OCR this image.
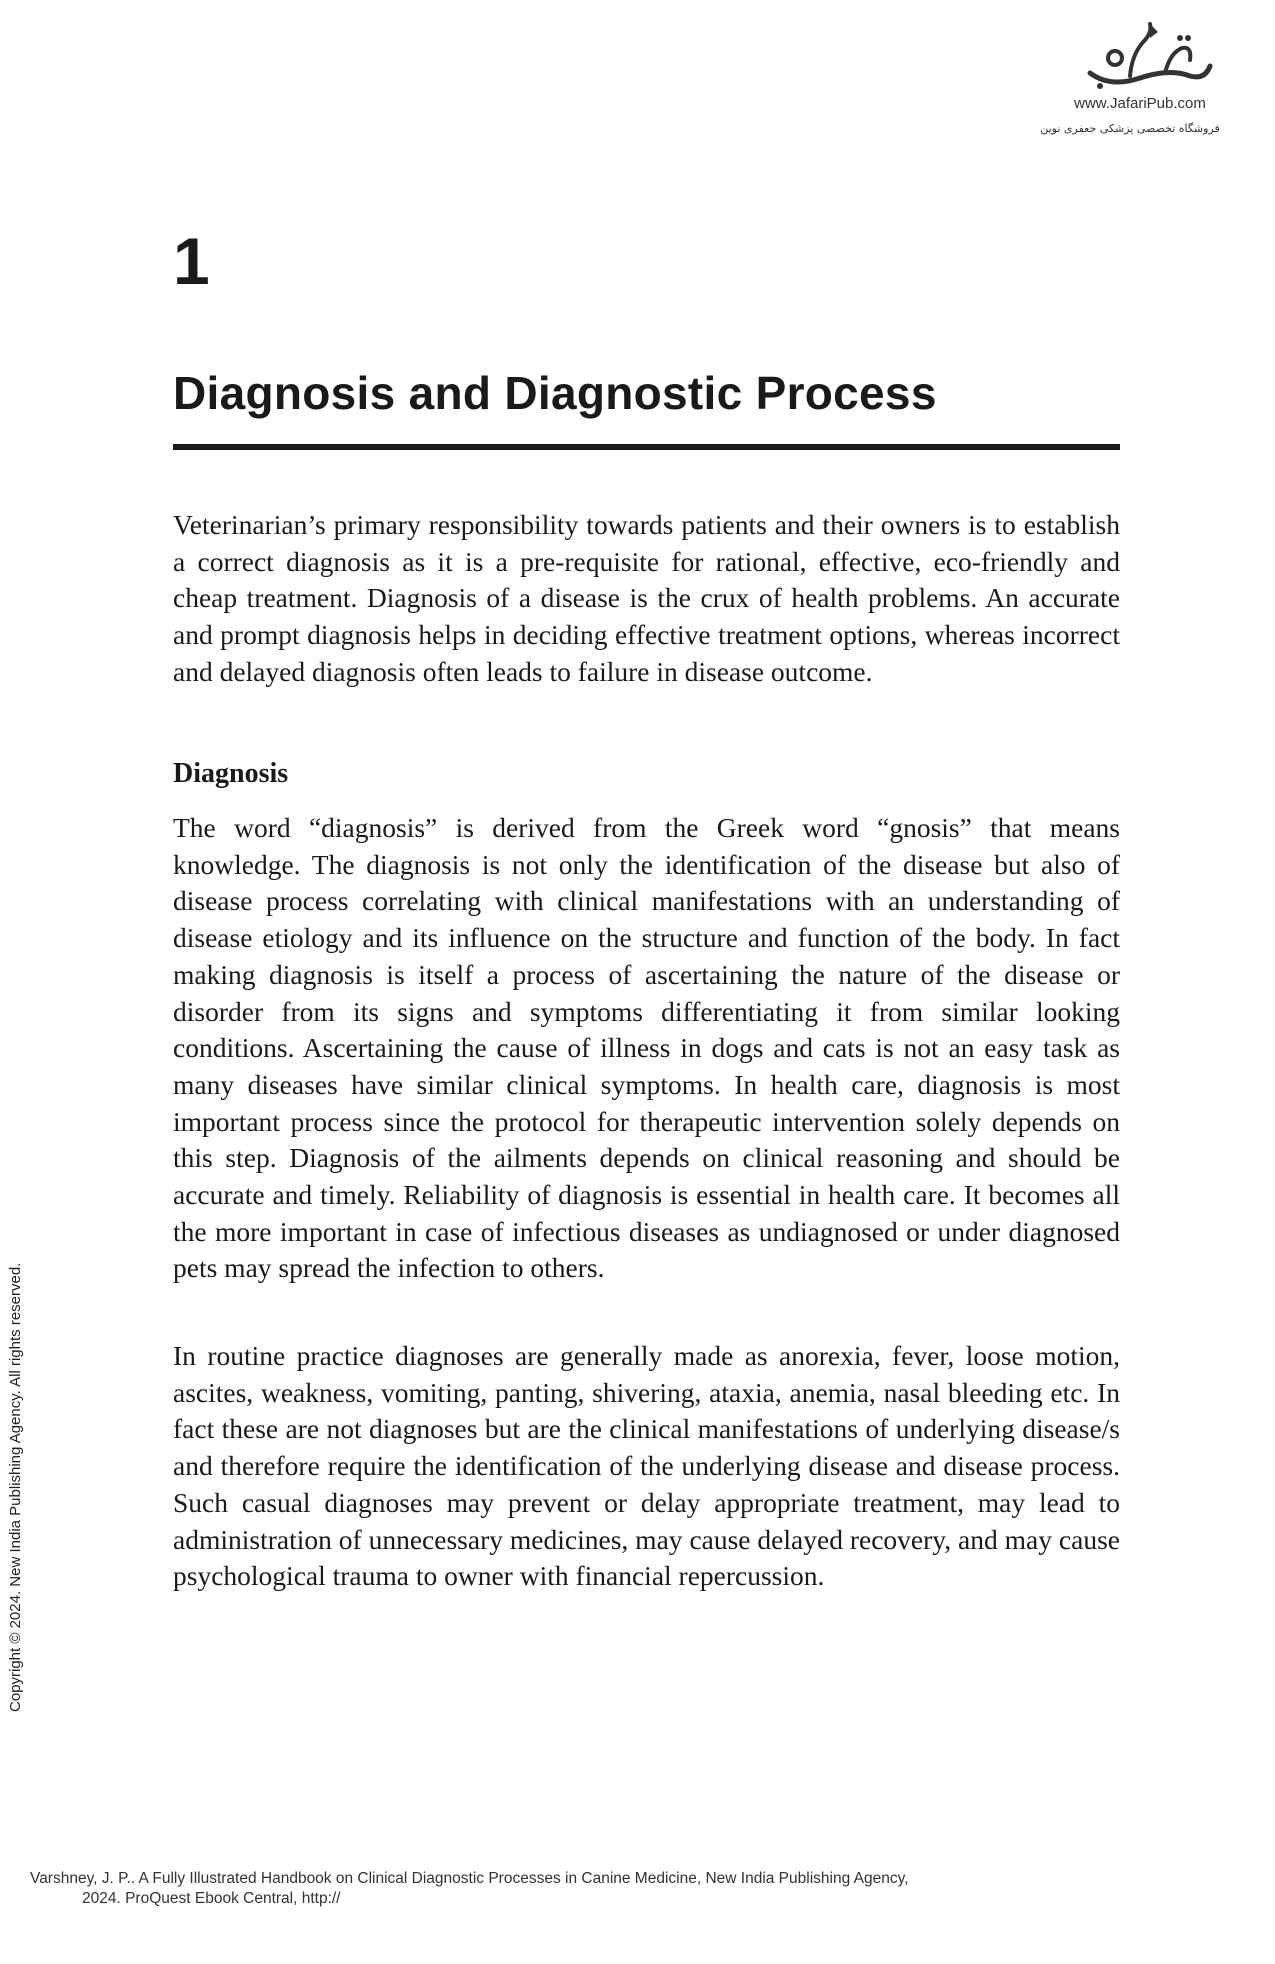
www.JafariPub.com
فروشگاه تخصصی پزشکی جعفری نوین
1
Diagnosis and Diagnostic Process

Veterinarian’s primary responsibility towards patients and their owners is to establish a correct diagnosis as it is a pre-requisite for rational, effective, eco-friendly and cheap treatment. Diagnosis of a disease is the crux of health problems. An accurate and prompt diagnosis helps in deciding effective treatment options, whereas incorrect and delayed diagnosis often leads to failure in disease outcome.

Diagnosis

The word “diagnosis” is derived from the Greek word “gnosis” that means knowledge. The diagnosis is not only the identification of the disease but also of disease process correlating with clinical manifestations with an understanding of disease etiology and its influence on the structure and function of the body. In fact making diagnosis is itself a process of ascertaining the nature of the disease or disorder from its signs and symptoms differentiating it from similar looking conditions. Ascertaining the cause of illness in dogs and cats is not an easy task as many diseases have similar clinical symptoms. In health care, diagnosis is most important process since the protocol for therapeutic intervention solely depends on this step. Diagnosis of the ailments depends on clinical reasoning and should be accurate and timely. Reliability of diagnosis is essential in health care. It becomes all the more important in case of infectious diseases as undiagnosed or under diagnosed pets may spread the infection to others.

In routine practice diagnoses are generally made as anorexia, fever, loose motion, ascites, weakness, vomiting, panting, shivering, ataxia, anemia, nasal bleeding etc. In fact these are not diagnoses but are the clinical manifestations of underlying disease/s and therefore require the identification of the underlying disease and disease process. Such casual diagnoses may prevent or delay appropriate treatment, may lead to administration of unnecessary medicines, may cause delayed recovery, and may cause psychological trauma to owner with financial repercussion.

Copyright © 2024. New India Publishing Agency. All rights reserved.
Varshney, J. P.. A Fully Illustrated Handbook on Clinical Diagnostic Processes in Canine Medicine, New India Publishing Agency,
2024. ProQuest Ebook Central, http://
